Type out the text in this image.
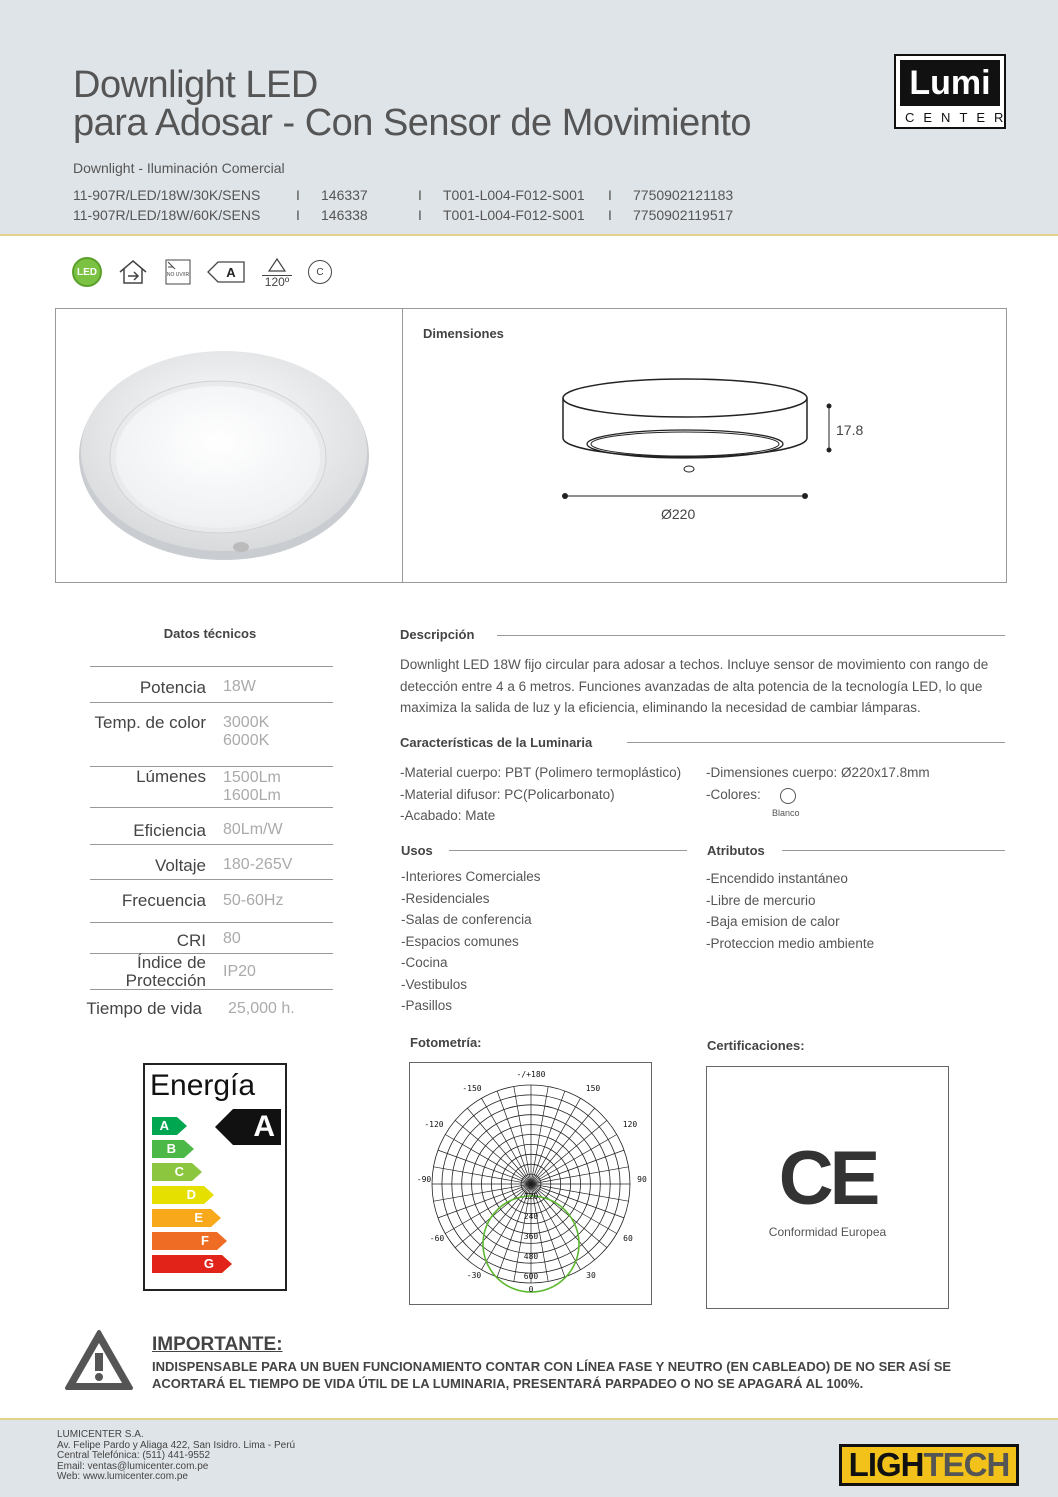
Downlight LED
para Adosar - Con Sensor de Movimiento
Downlight - Iluminación Comercial
11-907R/LED/18W/30K/SENS	I	146337	I	T001-L004-F012-S001	I	7750902121183
11-907R/LED/18W/60K/SENS	I	146338	I	T001-L004-F012-S001	I	7750902119517
Lumi
CENTER
LED	NO UV/IR	A
120º
C
Dimensiones
17.8
Ø220
Datos técnicos
Potencia 18W
Temp. de color 3000K
6000K
Lúmenes 1500Lm
1600Lm
Eficiencia 80Lm/W
Voltaje 180-265V
Frecuencia 50-60Hz
CRI 80
Índice de
Protección IP20
Tiempo de vida 25,000 h.
Descripción
Downlight LED 18W fijo circular para adosar a techos. Incluye sensor de movimiento con rango de
detección entre 4 a 6 metros. Funciones avanzadas de alta potencia de la tecnología LED, lo que
maximiza la salida de luz y la eficiencia, eliminando la necesidad de cambiar lámparas.
Características de la Luminaria
-Material cuerpo: PBT (Polimero termoplástico)
-Material difusor: PC(Policarbonato)
-Acabado: Mate
-Dimensiones cuerpo: Ø220x17.8mm
-Colores:
Blanco
Usos
-Interiores Comerciales
-Residenciales
-Salas de conferencia
-Espacios comunes
-Cocina
-Vestibulos
-Pasillos
Atributos
-Encendido instantáneo
-Libre de mercurio
-Baja emision de calor
-Proteccion medio ambiente
Energía
A
A
B
C
D
E
F
G
Fotometría:
-/+180
-150	150
-120	120
-90	90
-60	60
-30	30
0
120
240
360
480
600
Certificaciones:
CE
Conformidad Europea
IMPORTANTE:
INDISPENSABLE PARA UN BUEN FUNCIONAMIENTO CONTAR CON LÍNEA FASE Y NEUTRO (EN CABLEADO) DE NO SER ASÍ SE
ACORTARÁ EL TIEMPO DE VIDA ÚTIL DE LA LUMINARIA, PRESENTARÁ PARPADEO O NO SE APAGARÁ AL 100%.
LUMICENTER S.A.
Av. Felipe Pardo y Aliaga 422, San Isidro. Lima - Perú
Central Telefónica: (511) 441-9552
Email: ventas@lumicenter.com.pe
Web: www.lumicenter.com.pe	LIGH TECH
